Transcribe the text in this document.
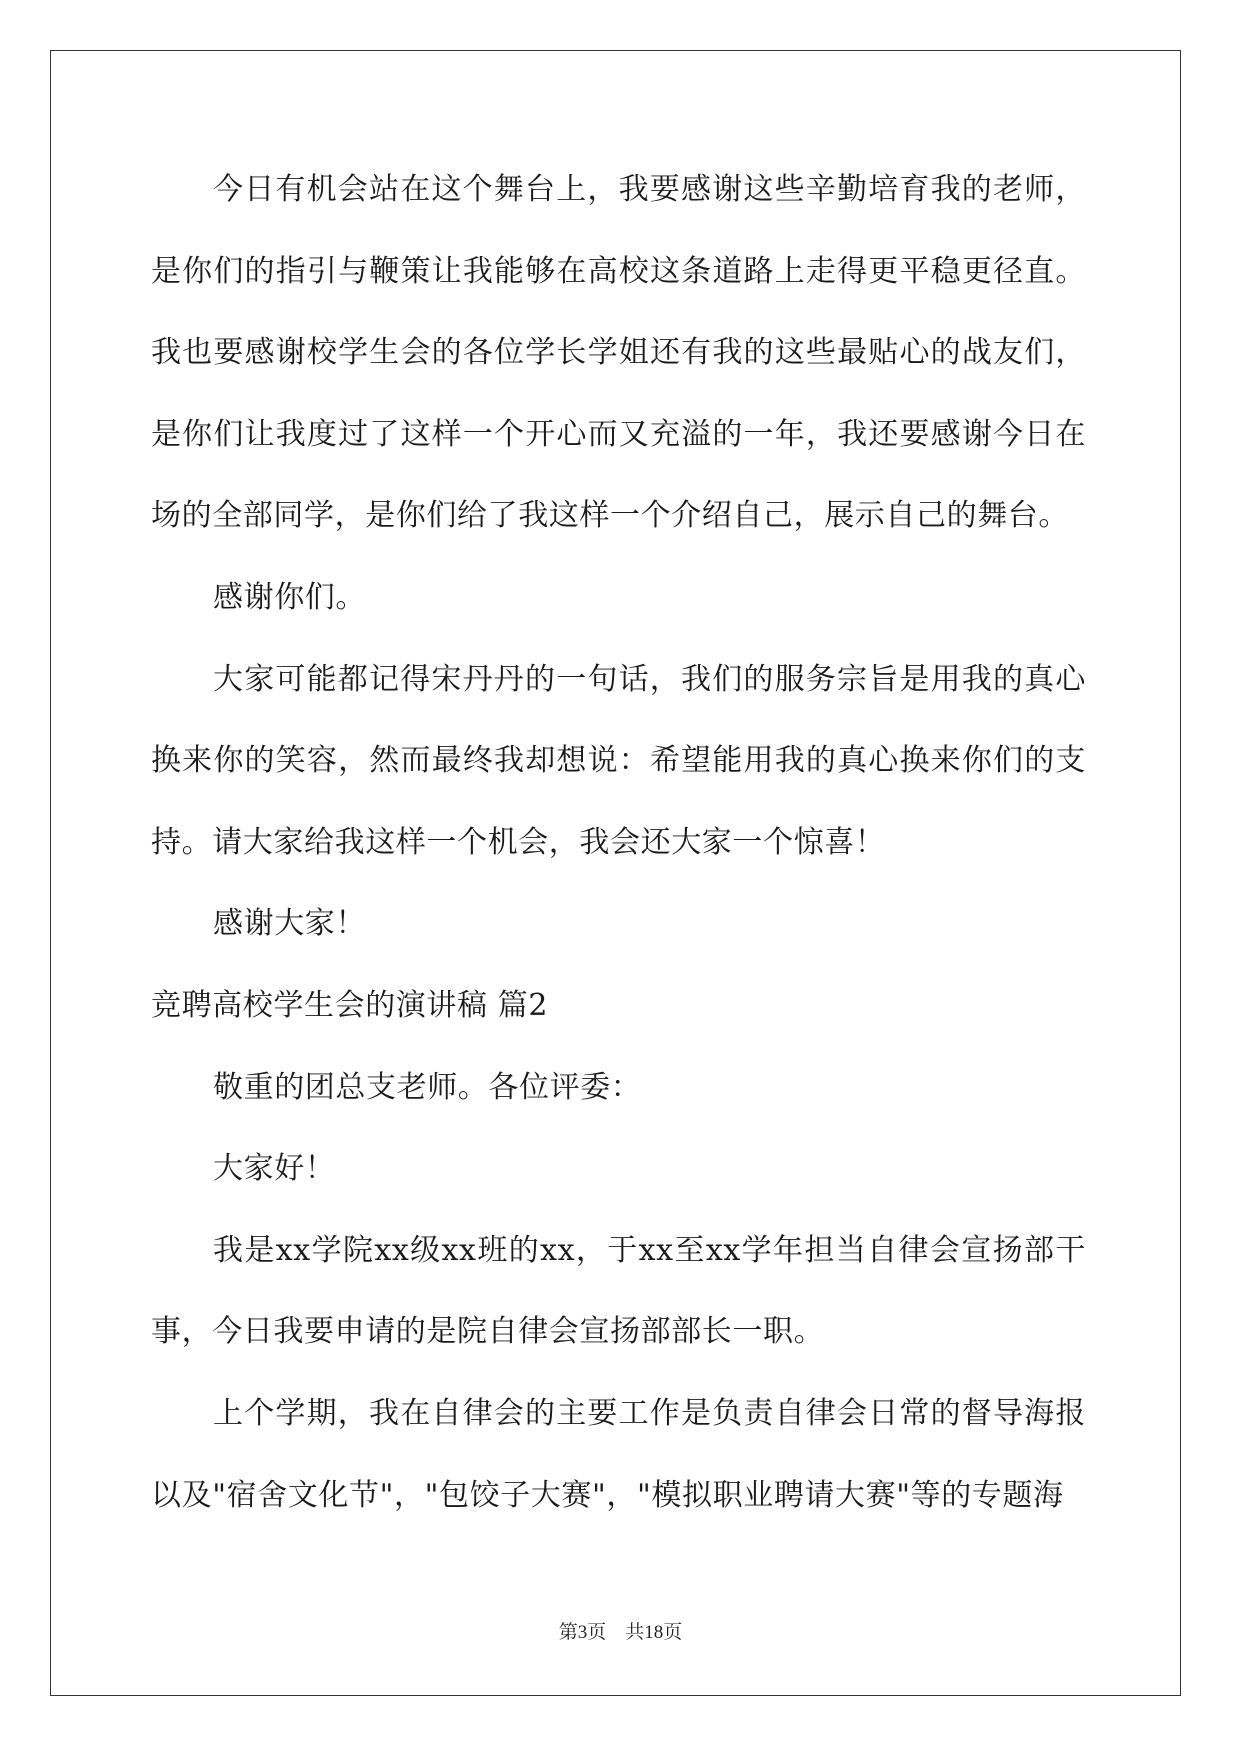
今日有机会站在这个舞台上，我要感谢这些辛勤培育我的老师，是你们的指引与鞭策让我能够在高校这条道路上走得更平稳更径直。我也要感谢校学生会的各位学长学姐还有我的这些最贴心的战友们，是你们让我度过了这样一个开心而又充溢的一年，我还要感谢今日在场的全部同学，是你们给了我这样一个介绍自己，展示自己的舞台。

感谢你们。

大家可能都记得宋丹丹的一句话，我们的服务宗旨是用我的真心换来你的笑容，然而最终我却想说：希望能用我的真心换来你们的支持。请大家给我这样一个机会，我会还大家一个惊喜！

感谢大家！

竞聘高校学生会的演讲稿 篇2

敬重的团总支老师。各位评委：

大家好！

我是xx学院xx级xx班的xx，于xx至xx学年担当自律会宣扬部干事，今日我要申请的是院自律会宣扬部部长一职。

上个学期，我在自律会的主要工作是负责自律会日常的督导海报以及"宿舍文化节"，"包饺子大赛"，"模拟职业聘请大赛"等的专题海

第3页 共18页
